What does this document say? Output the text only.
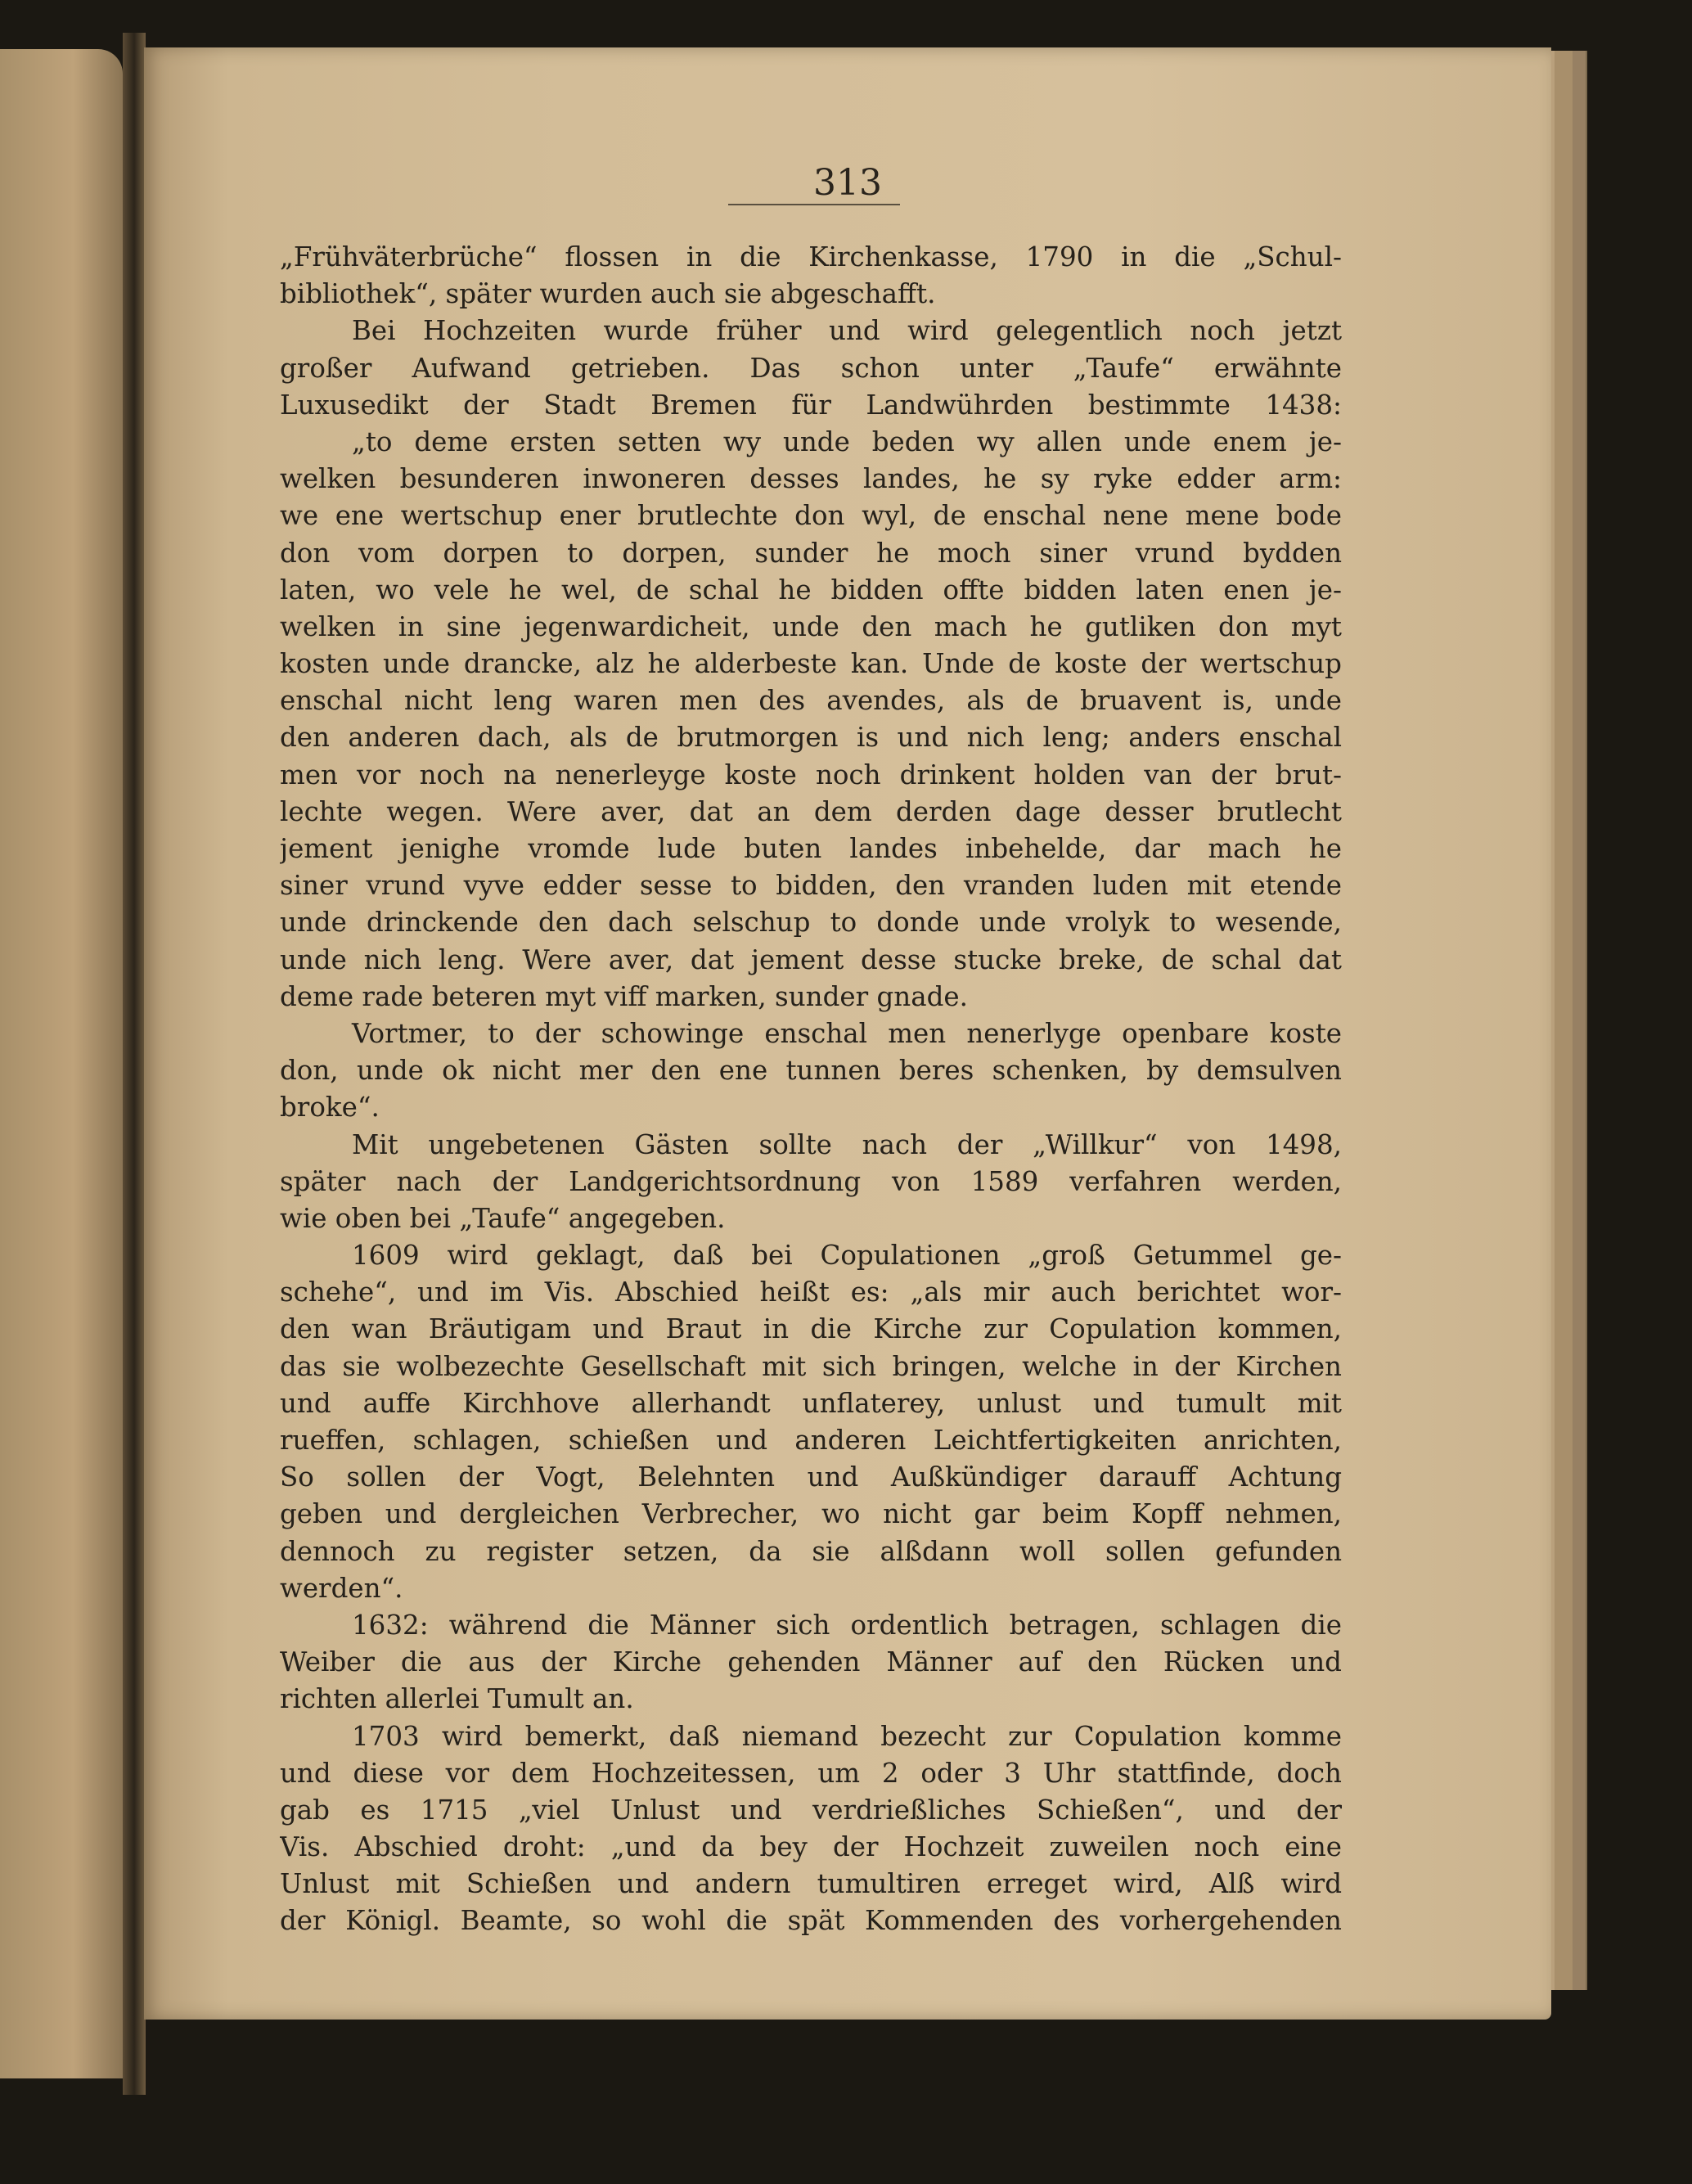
313
„Frühväterbrüche“ flossen in die Kirchenkasse, 1790 in die „Schul-
bibliothek“, später wurden auch sie abgeschafft.
Bei Hochzeiten wurde früher und wird gelegentlich noch jetzt
großer Aufwand getrieben. Das schon unter „Taufe“ erwähnte
Luxusedikt der Stadt Bremen für Landwührden bestimmte 1438:
„to deme ersten setten wy unde beden wy allen unde enem je-
welken besunderen inwoneren desses landes, he sy ryke edder arm:
we ene wertschup ener brutlechte don wyl, de enschal nene mene bode
don vom dorpen to dorpen, sunder he moch siner vrund bydden
laten, wo vele he wel, de schal he bidden offte bidden laten enen je-
welken in sine jegenwardicheit, unde den mach he gutliken don myt
kosten unde drancke, alz he alderbeste kan. Unde de koste der wertschup
enschal nicht leng waren men des avendes, als de bruavent is, unde
den anderen dach, als de brutmorgen is und nich leng; anders enschal
men vor noch na nenerleyge koste noch drinkent holden van der brut-
lechte wegen. Were aver, dat an dem derden dage desser brutlecht
jement jenighe vromde lude buten landes inbehelde, dar mach he
siner vrund vyve edder sesse to bidden, den vranden luden mit etende
unde drinckende den dach selschup to donde unde vrolyk to wesende,
unde nich leng. Were aver, dat jement desse stucke breke, de schal dat
deme rade beteren myt viff marken, sunder gnade.
Vortmer, to der schowinge enschal men nenerlyge openbare koste
don, unde ok nicht mer den ene tunnen beres schenken, by demsulven
broke“.
Mit ungebetenen Gästen sollte nach der „Willkur“ von 1498,
später nach der Landgerichtsordnung von 1589 verfahren werden,
wie oben bei „Taufe“ angegeben.
1609 wird geklagt, daß bei Copulationen „groß Getummel ge-
schehe“, und im Vis. Abschied heißt es: „als mir auch berichtet wor-
den wan Bräutigam und Braut in die Kirche zur Copulation kommen,
das sie wolbezechte Gesellschaft mit sich bringen, welche in der Kirchen
und auffe Kirchhove allerhandt unflaterey, unlust und tumult mit
rueffen, schlagen, schießen und anderen Leichtfertigkeiten anrichten,
So sollen der Vogt, Belehnten und Außkündiger darauff Achtung
geben und dergleichen Verbrecher, wo nicht gar beim Kopff nehmen,
dennoch zu register setzen, da sie alßdann woll sollen gefunden
werden“.
1632: während die Männer sich ordentlich betragen, schlagen die
Weiber die aus der Kirche gehenden Männer auf den Rücken und
richten allerlei Tumult an.
1703 wird bemerkt, daß niemand bezecht zur Copulation komme
und diese vor dem Hochzeitessen, um 2 oder 3 Uhr stattfinde, doch
gab es 1715 „viel Unlust und verdrießliches Schießen“, und der
Vis. Abschied droht: „und da bey der Hochzeit zuweilen noch eine
Unlust mit Schießen und andern tumultiren erreget wird, Alß wird
der Königl. Beamte, so wohl die spät Kommenden des vorhergehenden
